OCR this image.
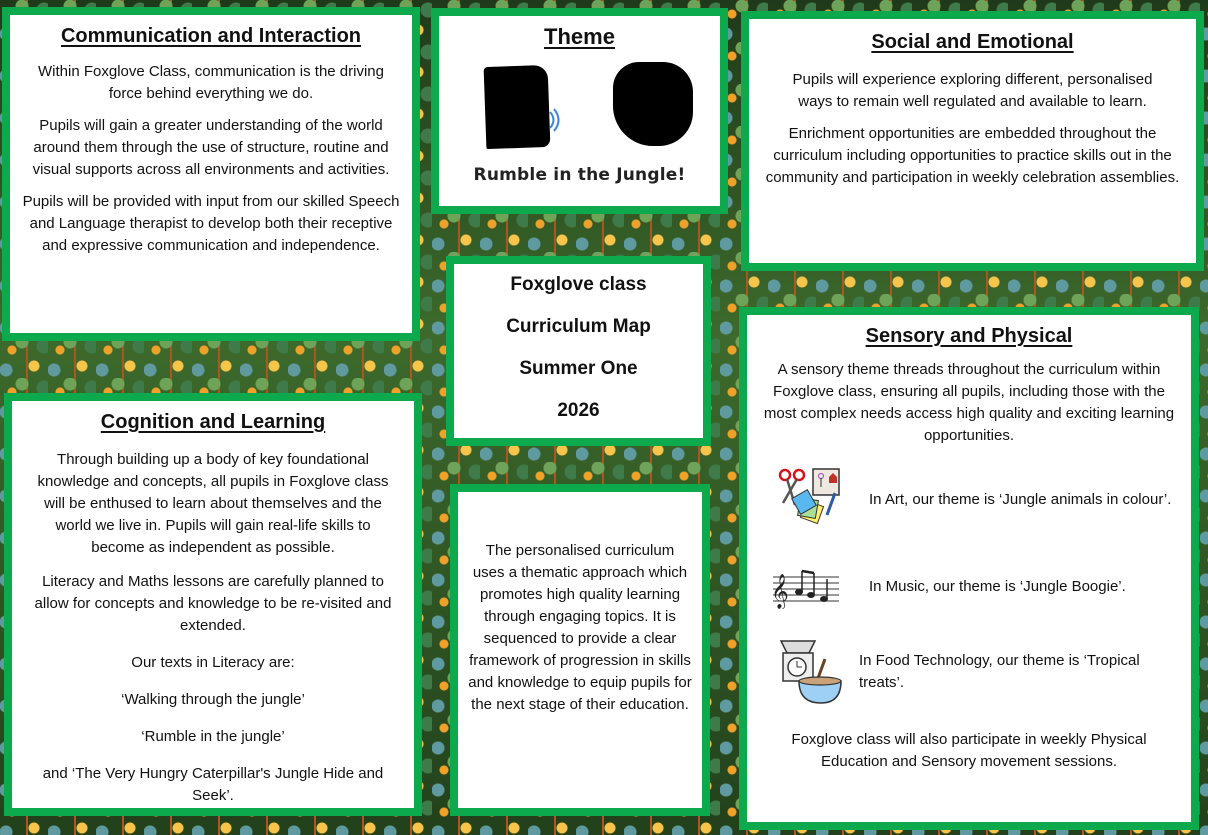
Communication and Interaction

Within Foxglove Class, communication is the driving force behind everything we do.

Pupils will gain a greater understanding of the world around them through the use of structure, routine and visual supports across all environments and activities.

Pupils will be provided with input from our skilled Speech and Language therapist to develop both their receptive and expressive communication and independence.

Theme
Rumble in the Jungle!
Social and Emotional

Pupils will experience exploring different, personalised ways to remain well regulated and available to learn.

Enrichment opportunities are embedded throughout the curriculum including opportunities to practice skills out in the community and participation in weekly celebration assemblies.

Foxglove class
Curriculum Map
Summer One
2026
Cognition and Learning

Through building up a body of key foundational knowledge and concepts, all pupils in Foxglove class will be enthused to learn about themselves and the world we live in. Pupils will gain real-life skills to become as independent as possible.

Literacy and Maths lessons are carefully planned to allow for concepts and knowledge to be re-visited and extended.

Our texts in Literacy are:

‘Walking through the jungle’

‘Rumble in the jungle’

and ‘The Very Hungry Caterpillar's Jungle Hide and Seek’.

The personalised curriculum uses a thematic approach which promotes high quality learning through engaging topics. It is sequenced to provide a clear framework of progression in skills and knowledge to equip pupils for the next stage of their education.

Sensory and Physical

A sensory theme threads throughout the curriculum within Foxglove class, ensuring all pupils, including those with the most complex needs access high quality and exciting learning opportunities.

In Art, our theme is ‘Jungle animals in colour’.
𝄞	In Music, our theme is ‘Jungle Boogie’.
In Food Technology, our theme is ‘Tropical treats’.

Foxglove class will also participate in weekly Physical Education and Sensory movement sessions.
